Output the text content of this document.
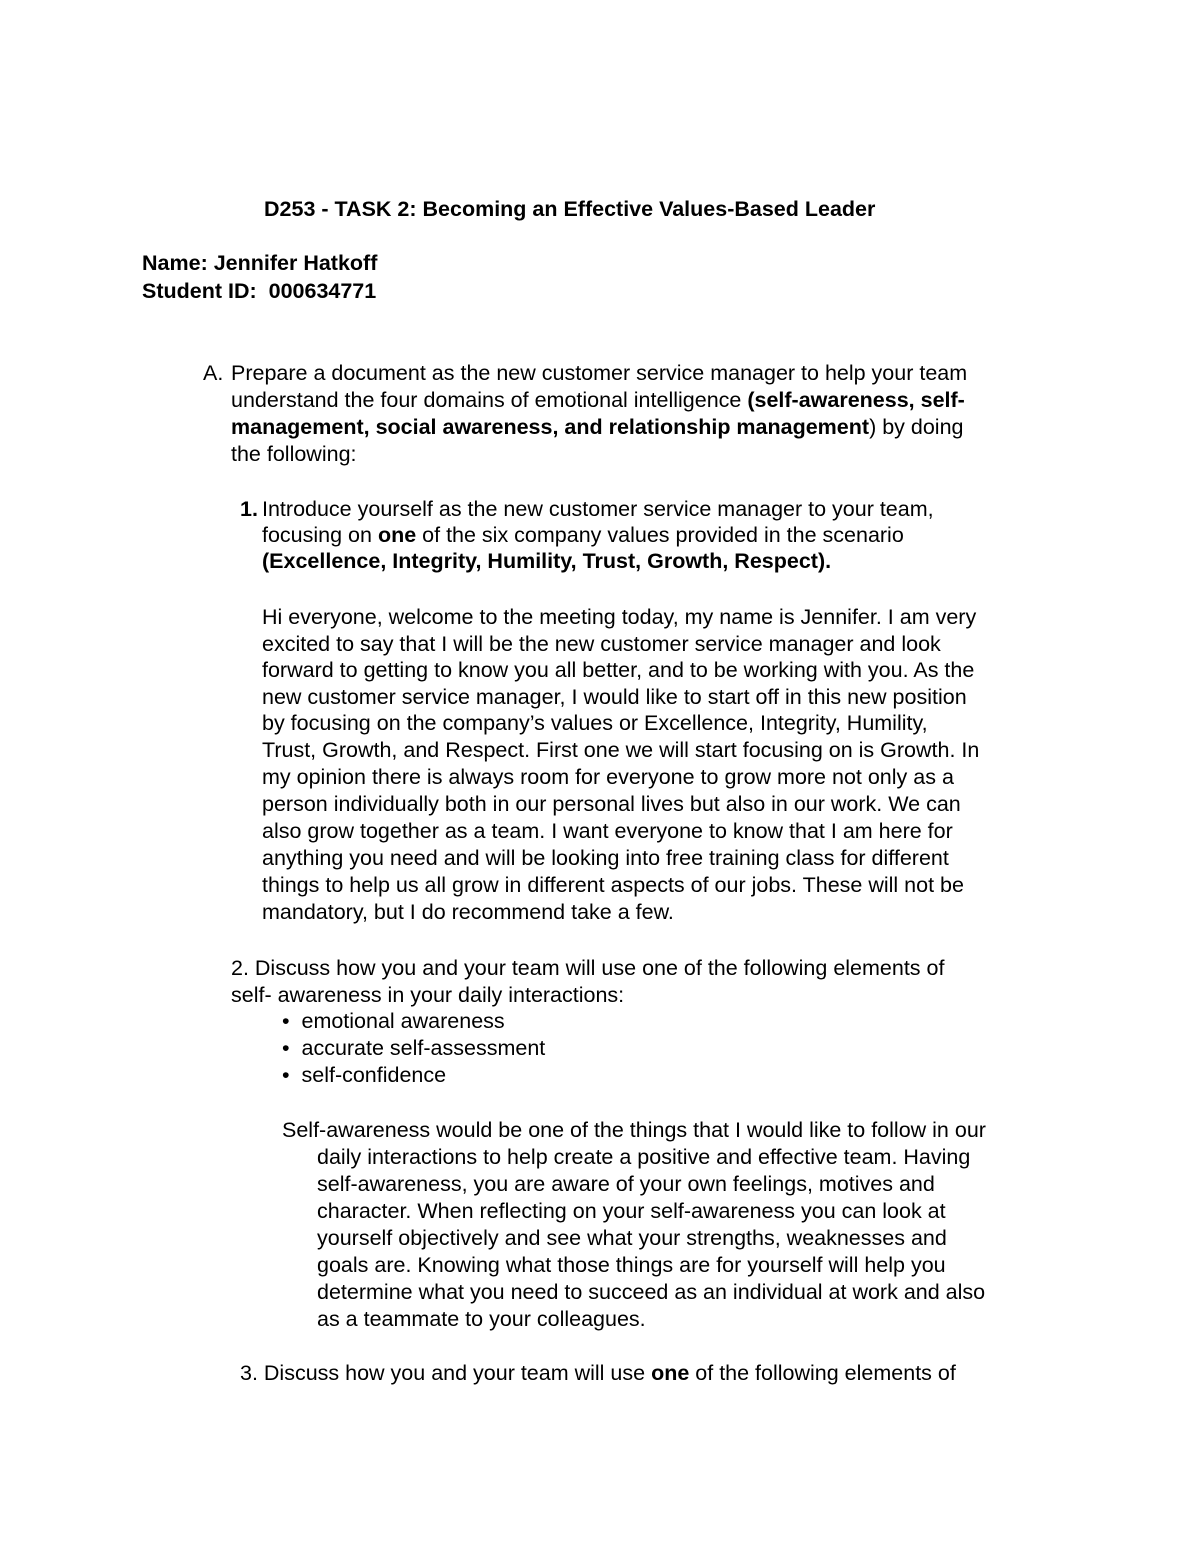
D253 - TASK 2: Becoming an Effective Values-Based Leader
Name: Jennifer Hatkoff
Student ID: 000634771
A. Prepare a document as the new customer service manager to help your team
understand the four domains of emotional intelligence (self-awareness, self-
management, social awareness, and relationship management) by doing
the following:
1. Introduce yourself as the new customer service manager to your team,
focusing on one of the six company values provided in the scenario
(Excellence, Integrity, Humility, Trust, Growth, Respect).
Hi everyone, welcome to the meeting today, my name is Jennifer. I am very
excited to say that I will be the new customer service manager and look
forward to getting to know you all better, and to be working with you. As the
new customer service manager, I would like to start off in this new position
by focusing on the company’s values or Excellence, Integrity, Humility,
Trust, Growth, and Respect. First one we will start focusing on is Growth. In
my opinion there is always room for everyone to grow more not only as a
person individually both in our personal lives but also in our work. We can
also grow together as a team. I want everyone to know that I am here for
anything you need and will be looking into free training class for different
things to help us all grow in different aspects of our jobs. These will not be
mandatory, but I do recommend take a few.
2. Discuss how you and your team will use one of the following elements of
self- awareness in your daily interactions:
• emotional awareness
• accurate self-assessment
• self-confidence
Self-awareness would be one of the things that I would like to follow in our
daily interactions to help create a positive and effective team. Having
self-awareness, you are aware of your own feelings, motives and
character. When reflecting on your self-awareness you can look at
yourself objectively and see what your strengths, weaknesses and
goals are. Knowing what those things are for yourself will help you
determine what you need to succeed as an individual at work and also
as a teammate to your colleagues.
3. Discuss how you and your team will use one of the following elements of
